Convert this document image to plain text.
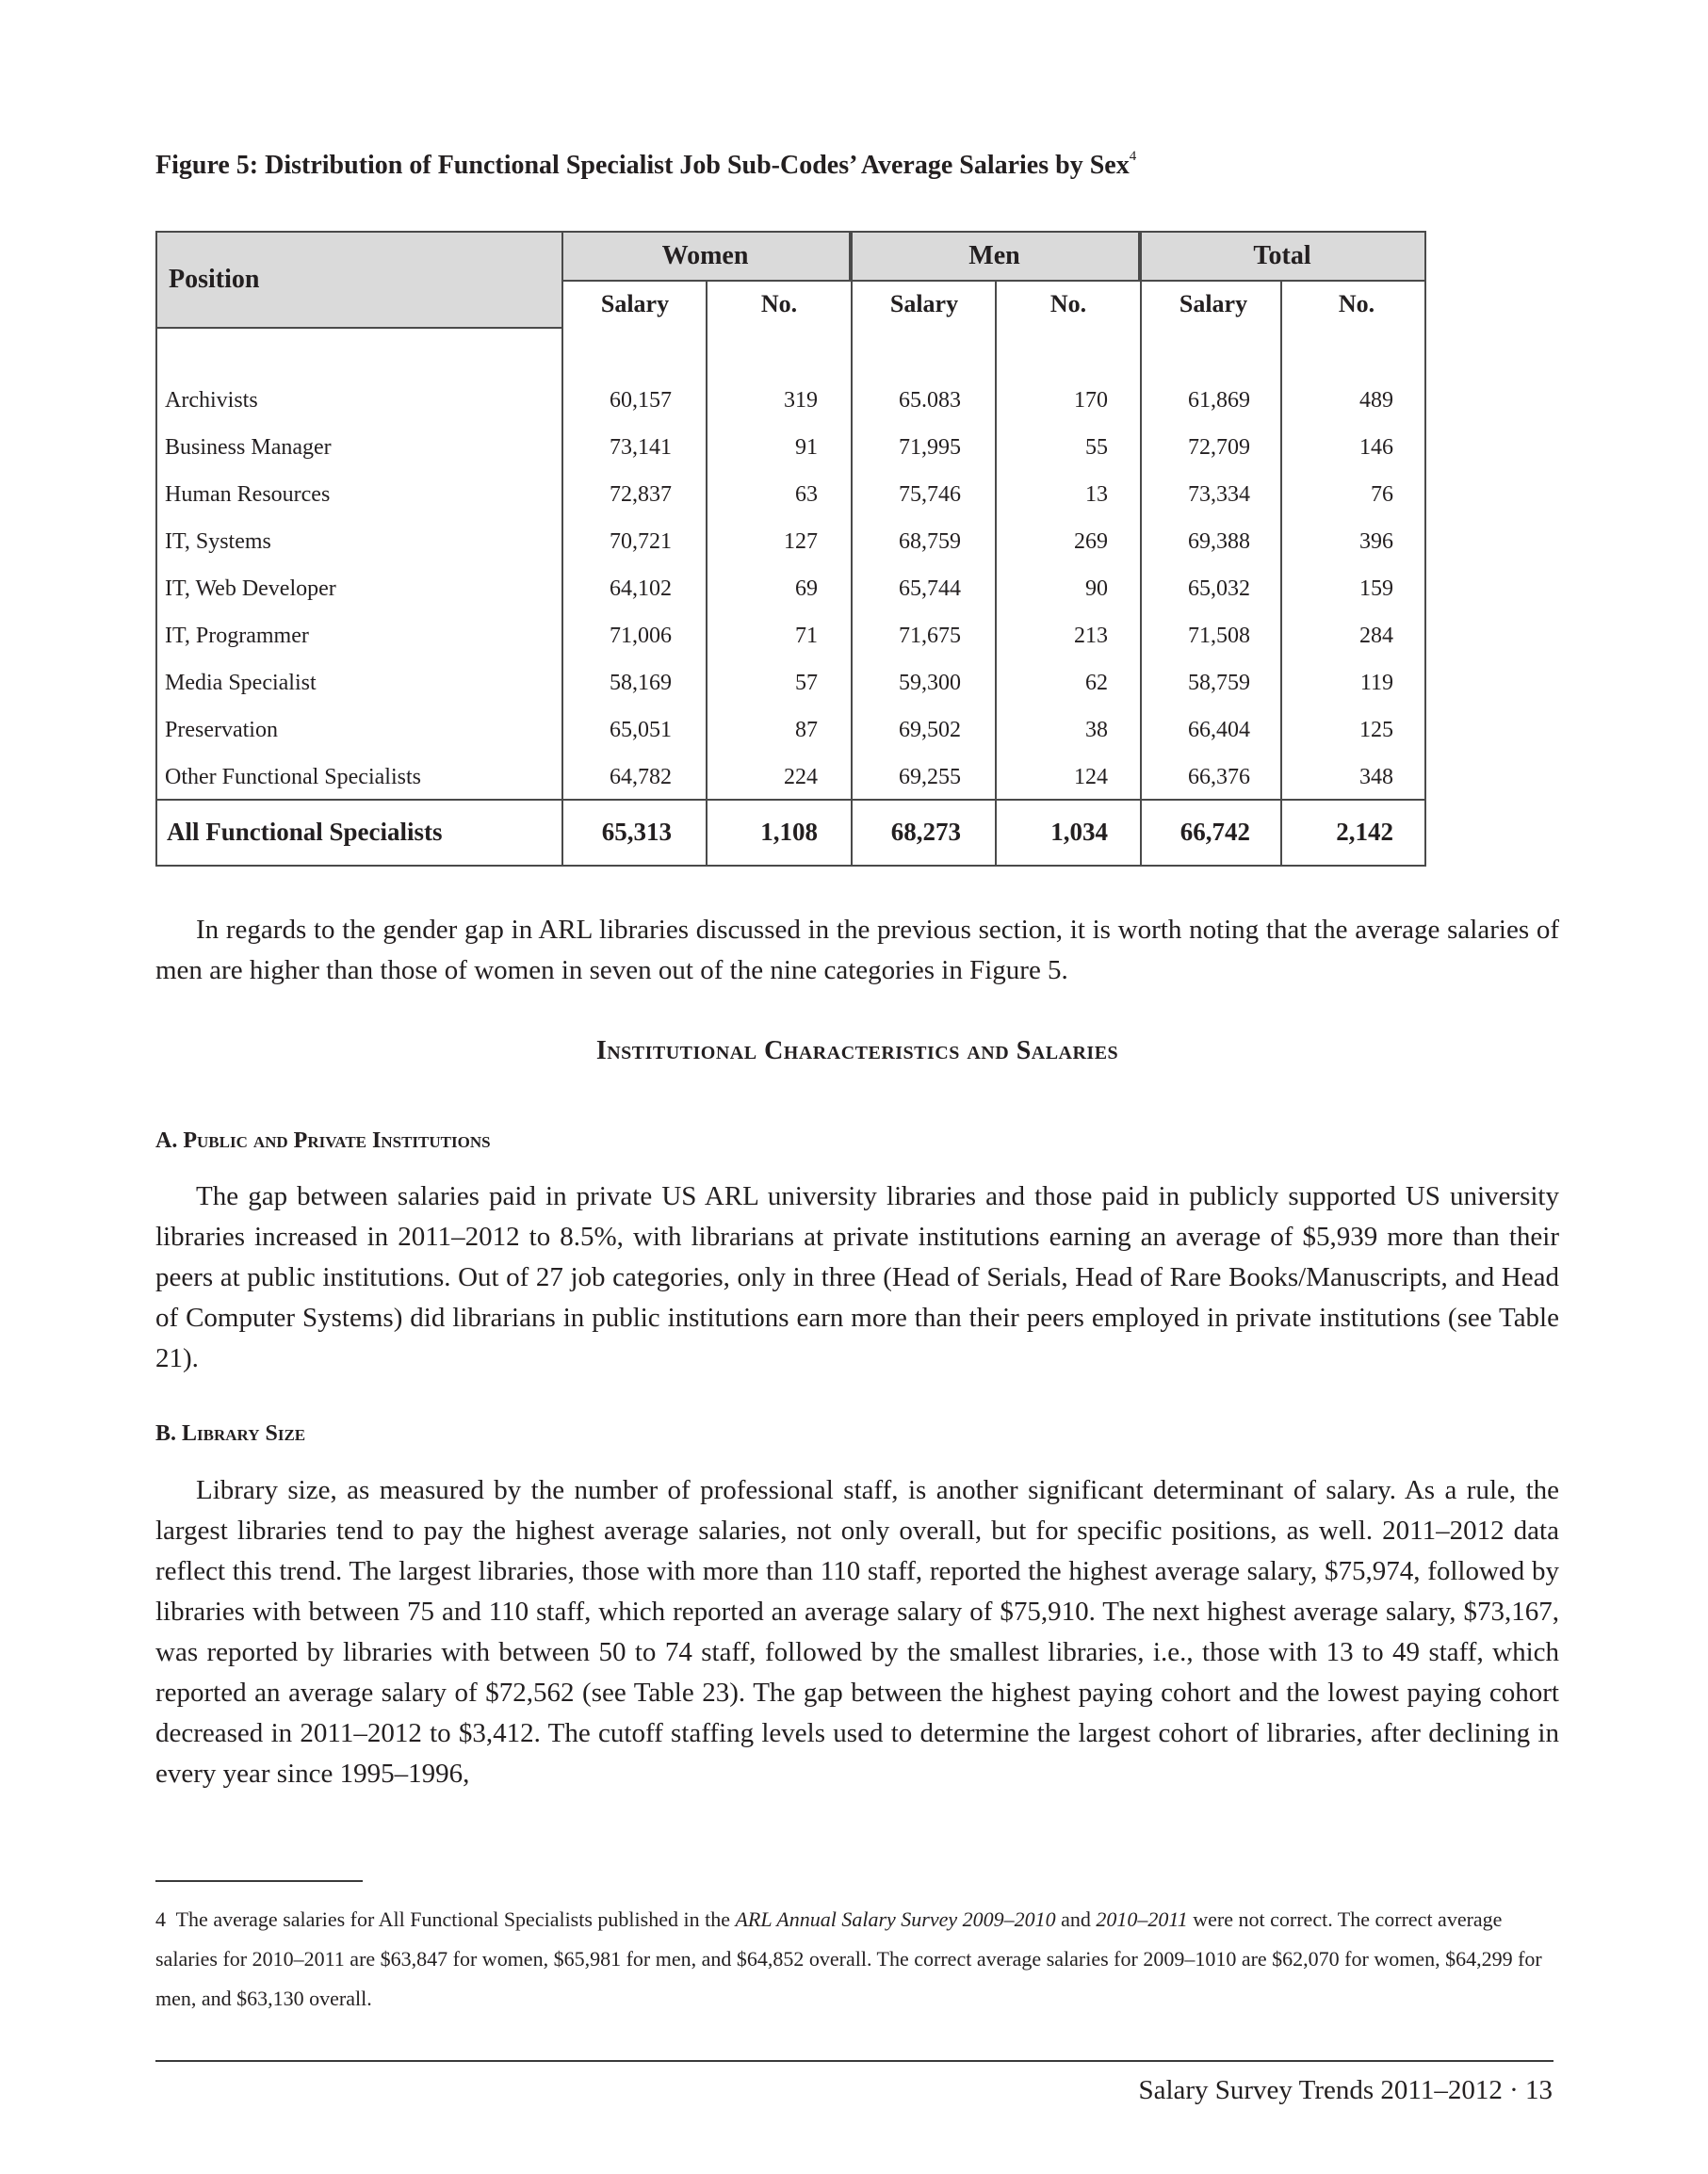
Figure 5: Distribution of Functional Specialist Job Sub-Codes’ Average Salaries by Sex$^4$
Position
Women	Men	Total
Salary	No.	Salary	No.	Salary	No.
Archivists	60,157	319	65.083	170	61,869	489
Business Manager	73,141	91	71,995	55	72,709	146
Human Resources	72,837	63	75,746	13	73,334	76
IT, Systems	70,721	127	68,759	269	69,388	396
IT, Web Developer	64,102	69	65,744	90	65,032	159
IT, Programmer	71,006	71	71,675	213	71,508	284
Media Specialist	58,169	57	59,300	62	58,759	119
Preservation	65,051	87	69,502	38	66,404	125
Other Functional Specialists	64,782	224	69,255	124	66,376	348
All Functional Specialists	65,313	1,108	68,273	1,034	66,742	2,142
In regards to the gender gap in ARL libraries discussed in the previous section, it is worth noting that the average salaries of men are higher than those of women in seven out of the nine categories in Figure 5.
Institutional Characteristics and Salaries
A. Public and Private Institutions
The gap between salaries paid in private US ARL university libraries and those paid in publicly supported US university libraries increased in 2011–2012 to 8.5%, with librarians at private institutions earning an average of $5,939 more than their peers at public institutions. Out of 27 job categories, only in three (Head of Serials, Head of Rare Books/Manuscripts, and Head of Computer Systems) did librarians in public institutions earn more than their peers employed in private institutions (see Table 21).
B. Library Size
Library size, as measured by the number of professional staff, is another significant determinant of salary. As a rule, the largest libraries tend to pay the highest average salaries, not only overall, but for specific positions, as well. 2011–2012 data reflect this trend. The largest libraries, those with more than 110 staff, reported the highest average salary, $75,974, followed by libraries with between 75 and 110 staff, which reported an average salary of $75,910. The next highest average salary, $73,167, was reported by libraries with between 50 to 74 staff, followed by the smallest libraries, i.e., those with 13 to 49 staff, which reported an average salary of $72,562 (see Table 23). The gap between the highest paying cohort and the lowest paying cohort decreased in 2011–2012 to $3,412. The cutoff staffing levels used to determine the largest cohort of libraries, after declining in every year since 1995–1996,
4 The average salaries for All Functional Specialists published in the ARL Annual Salary Survey 2009–2010 and 2010–2011 were not correct. The correct average salaries for 2010–2011 are $63,847 for women, $65,981 for men, and $64,852 overall. The correct average salaries for 2009–1010 are $62,070 for women, $64,299 for men, and $63,130 overall.
Salary Survey Trends 2011–2012 · 13
